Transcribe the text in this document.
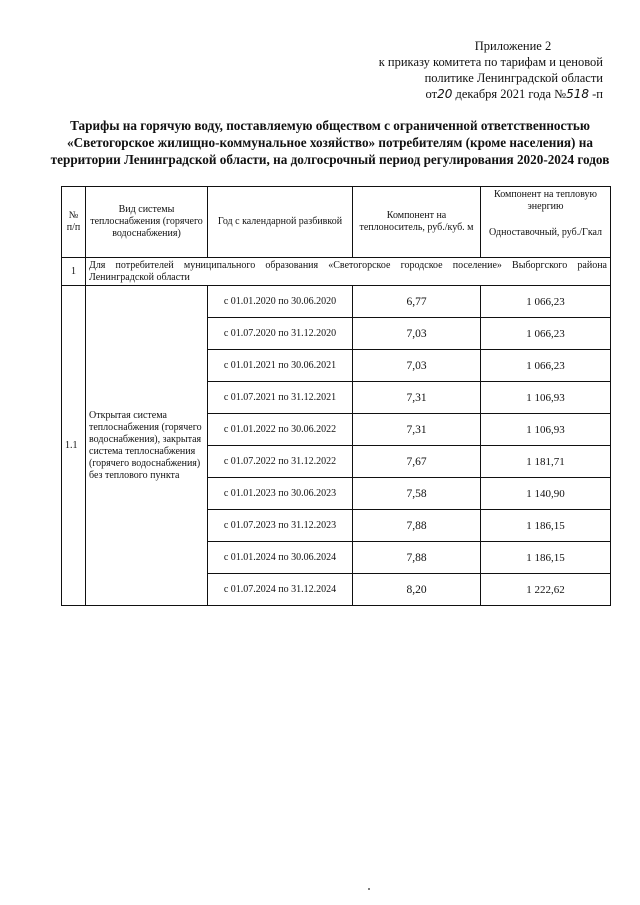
Приложение 2
к приказу комитета по тарифам и ценовой
политике Ленинградской области
от20 декабря 2021 года №518 -п
Тарифы на горячую воду, поставляемую обществом с ограниченной ответственностью «Светогорское жилищно-коммунальное хозяйство» потребителям (кроме населения) на территории Ленинградской области, на долгосрочный период регулирования 2020-2024 годов
№ п/п	Вид системы теплоснабжения (горячего водоснабжения)	Год с календарной разбивкой	Компонент на теплоноситель, руб./куб. м	Компонент на тепловую энергию
Одноставочный, руб./Гкал

1	Для потребителей муниципального образования «Светогорское городское поселение» Выборгского района Ленинградской области			
1.1	Открытая система теплоснабжения (горячего водоснабжения), закрытая система теплоснабжения (горячего водоснабжения) без теплового пункта	с 01.01.2020 по 30.06.2020	6,77	1 066,23
		с 01.07.2020 по 31.12.2020	7,03	1 066,23
		с 01.01.2021 по 30.06.2021	7,03	1 066,23
		с 01.07.2021 по 31.12.2021	7,31	1 106,93
		с 01.01.2022 по 30.06.2022	7,31	1 106,93
		с 01.07.2022 по 31.12.2022	7,67	1 181,71
		с 01.01.2023 по 30.06.2023	7,58	1 140,90
		с 01.07.2023 по 31.12.2023	7,88	1 186,15
		с 01.01.2024 по 30.06.2024	7,88	1 186,15
		с 01.07.2024 по 31.12.2024	8,20	1 222,62
